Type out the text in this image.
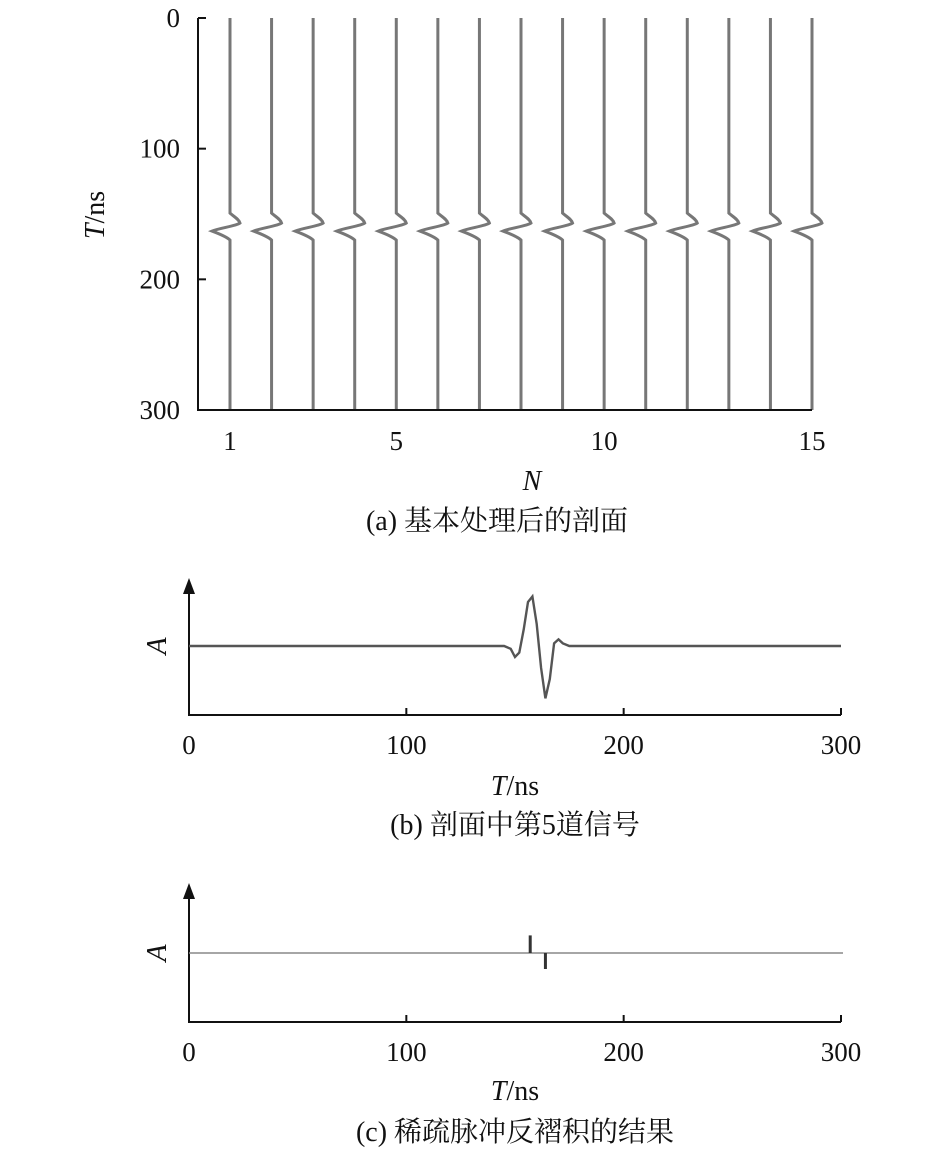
0
100
200
300
1	5	10	15
T/ns
N
(a) 基本处理后的剖面
0	100	200	300
A
T/ns
(b) 剖面中第5道信号
0	100	200	300
A
T/ns
(c) 稀疏脉冲反褶积的结果
